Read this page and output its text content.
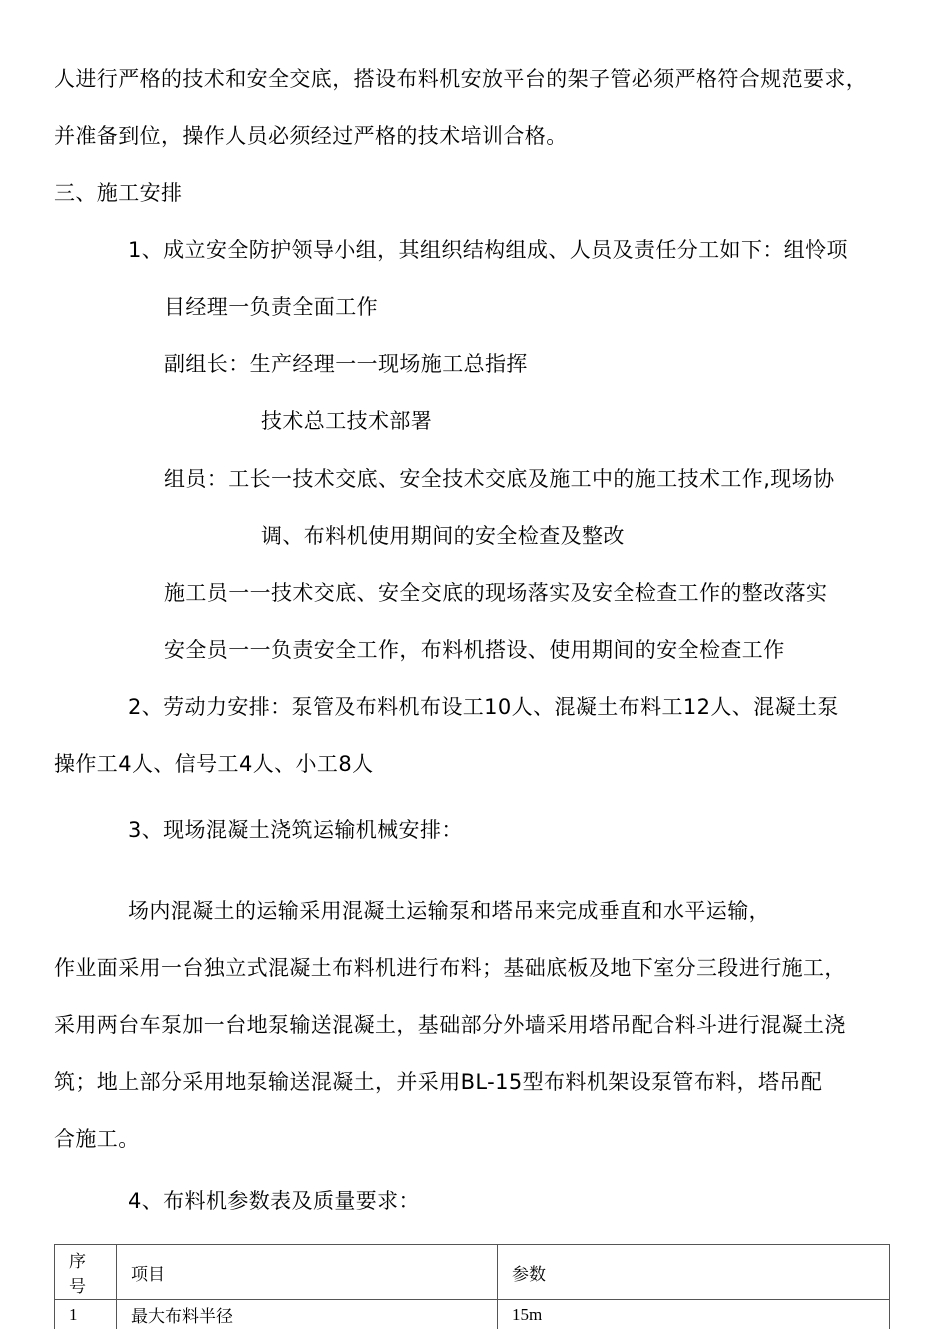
人进行严格的技术和安全交底，搭设布料机安放平台的架子管必须严格符合规范要求，
并准备到位，操作人员必须经过严格的技术培训合格。
三、施工安排
1、成立安全防护领导小组，其组织结构组成、人员及责任分工如下：组怜项
目经理一负责全面工作
副组长：生产经理一一现场施工总指挥
技术总工技术部署
组员：工长一技术交底、安全技术交底及施工中的施工技术工作,现场协
调、布料机使用期间的安全检查及整改
施工员一一技术交底、安全交底的现场落实及安全检查工作的整改落实
安全员一一负责安全工作，布料机搭设、使用期间的安全检查工作
2、劳动力安排：泵管及布料机布设工10人、混凝土布料工12人、混凝土泵
操作工4人、信号工4人、小工8人
3、现场混凝土浇筑运输机械安排：
场内混凝土的运输采用混凝土运输泵和塔吊来完成垂直和水平运输，
作业面采用一台独立式混凝土布料机进行布料；基础底板及地下室分三段进行施工，
采用两台车泵加一台地泵输送混凝土，基础部分外墙采用塔吊配合料斗进行混凝土浇
筑；地上部分采用地泵输送混凝土，并采用BL-15型布料机架设泵管布料，塔吊配
合施工。
4、布料机参数表及质量要求：
序号	项目	参数
1	最大布料半径	15m
